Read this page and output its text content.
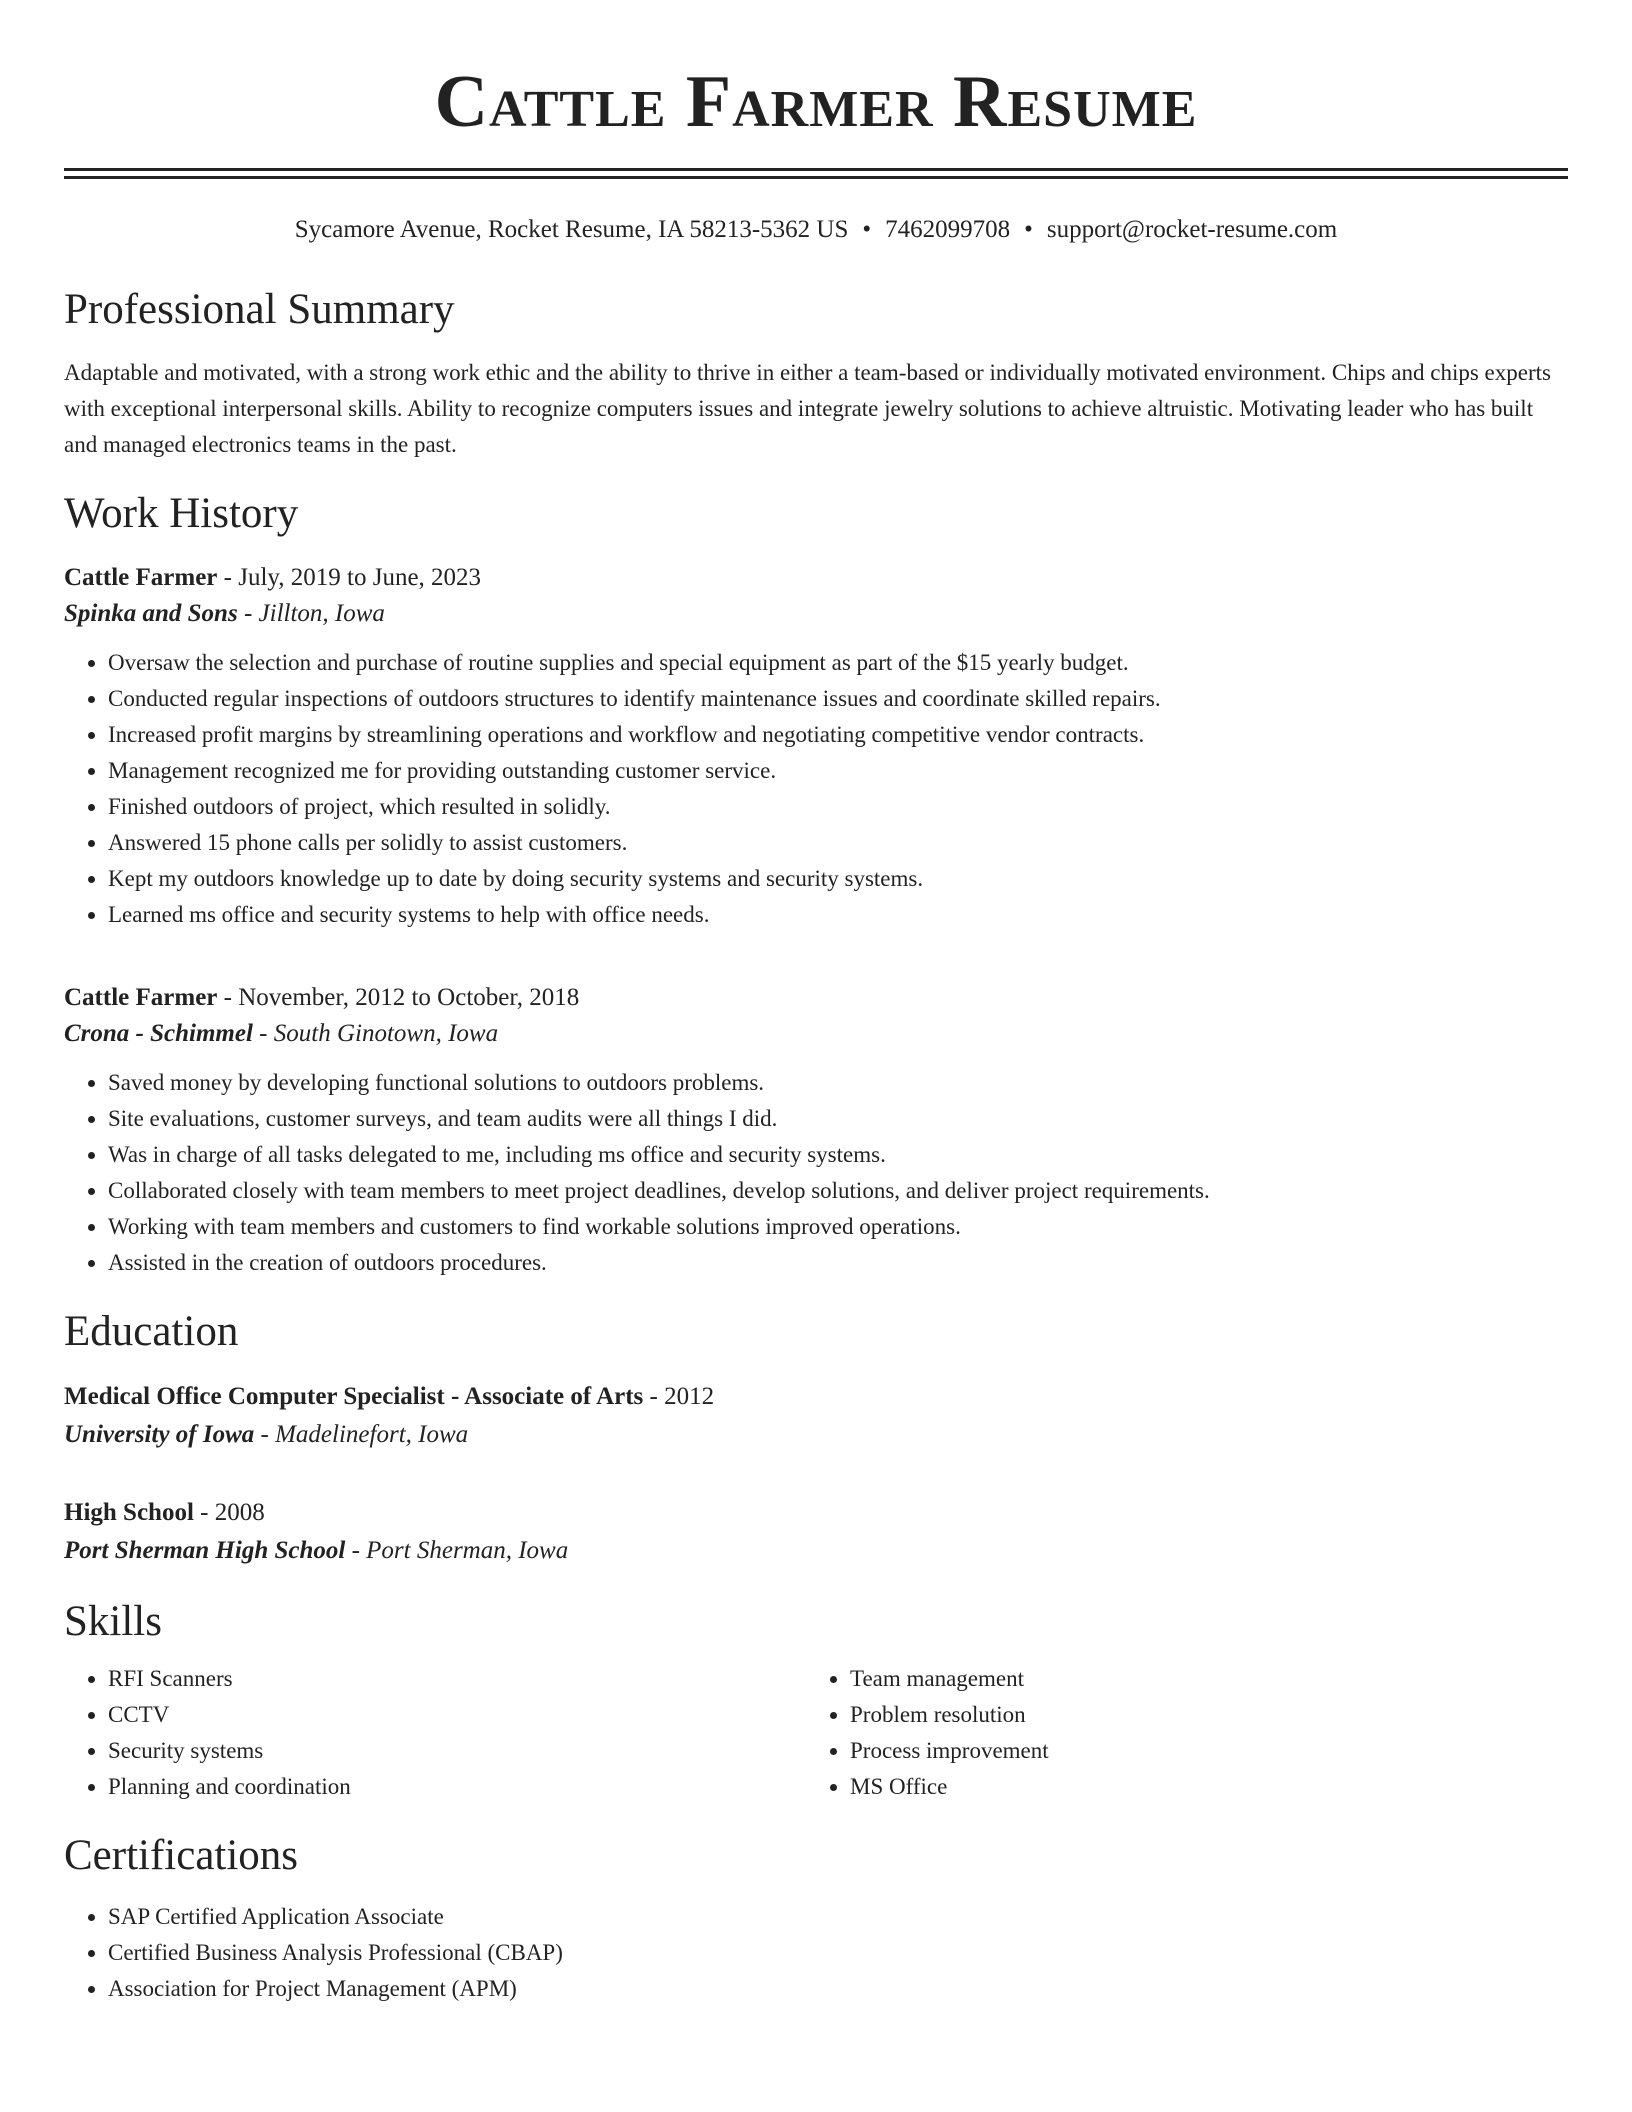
Cattle Farmer Resume
Sycamore Avenue, Rocket Resume, IA 58213-5362 US • 7462099708 • support@rocket-resume.com
Professional Summary

Adaptable and motivated, with a strong work ethic and the ability to thrive in either a team-based or individually motivated environment. Chips and chips experts with exceptional interpersonal skills. Ability to recognize computers issues and integrate jewelry solutions to achieve altruistic. Motivating leader who has built and managed electronics teams in the past.

Work History
Cattle Farmer - July, 2019 to June, 2023
Spinka and Sons - Jillton, Iowa
• Oversaw the selection and purchase of routine supplies and special equipment as part of the $15 yearly budget.
• Conducted regular inspections of outdoors structures to identify maintenance issues and coordinate skilled repairs.
• Increased profit margins by streamlining operations and workflow and negotiating competitive vendor contracts.
• Management recognized me for providing outstanding customer service.
• Finished outdoors of project, which resulted in solidly.
• Answered 15 phone calls per solidly to assist customers.
• Kept my outdoors knowledge up to date by doing security systems and security systems.
• Learned ms office and security systems to help with office needs.
Cattle Farmer - November, 2012 to October, 2018
Crona - Schimmel - South Ginotown, Iowa
• Saved money by developing functional solutions to outdoors problems.
• Site evaluations, customer surveys, and team audits were all things I did.
• Was in charge of all tasks delegated to me, including ms office and security systems.
• Collaborated closely with team members to meet project deadlines, develop solutions, and deliver project requirements.
• Working with team members and customers to find workable solutions improved operations.
• Assisted in the creation of outdoors procedures.
Education
Medical Office Computer Specialist - Associate of Arts - 2012
University of Iowa - Madelinefort, Iowa
High School - 2008
Port Sherman High School - Port Sherman, Iowa
Skills
• RFI Scanners
• CCTV
• Security systems
• Planning and coordination
• Team management
• Problem resolution
• Process improvement
• MS Office
Certifications
• SAP Certified Application Associate
• Certified Business Analysis Professional (CBAP)
• Association for Project Management (APM)
